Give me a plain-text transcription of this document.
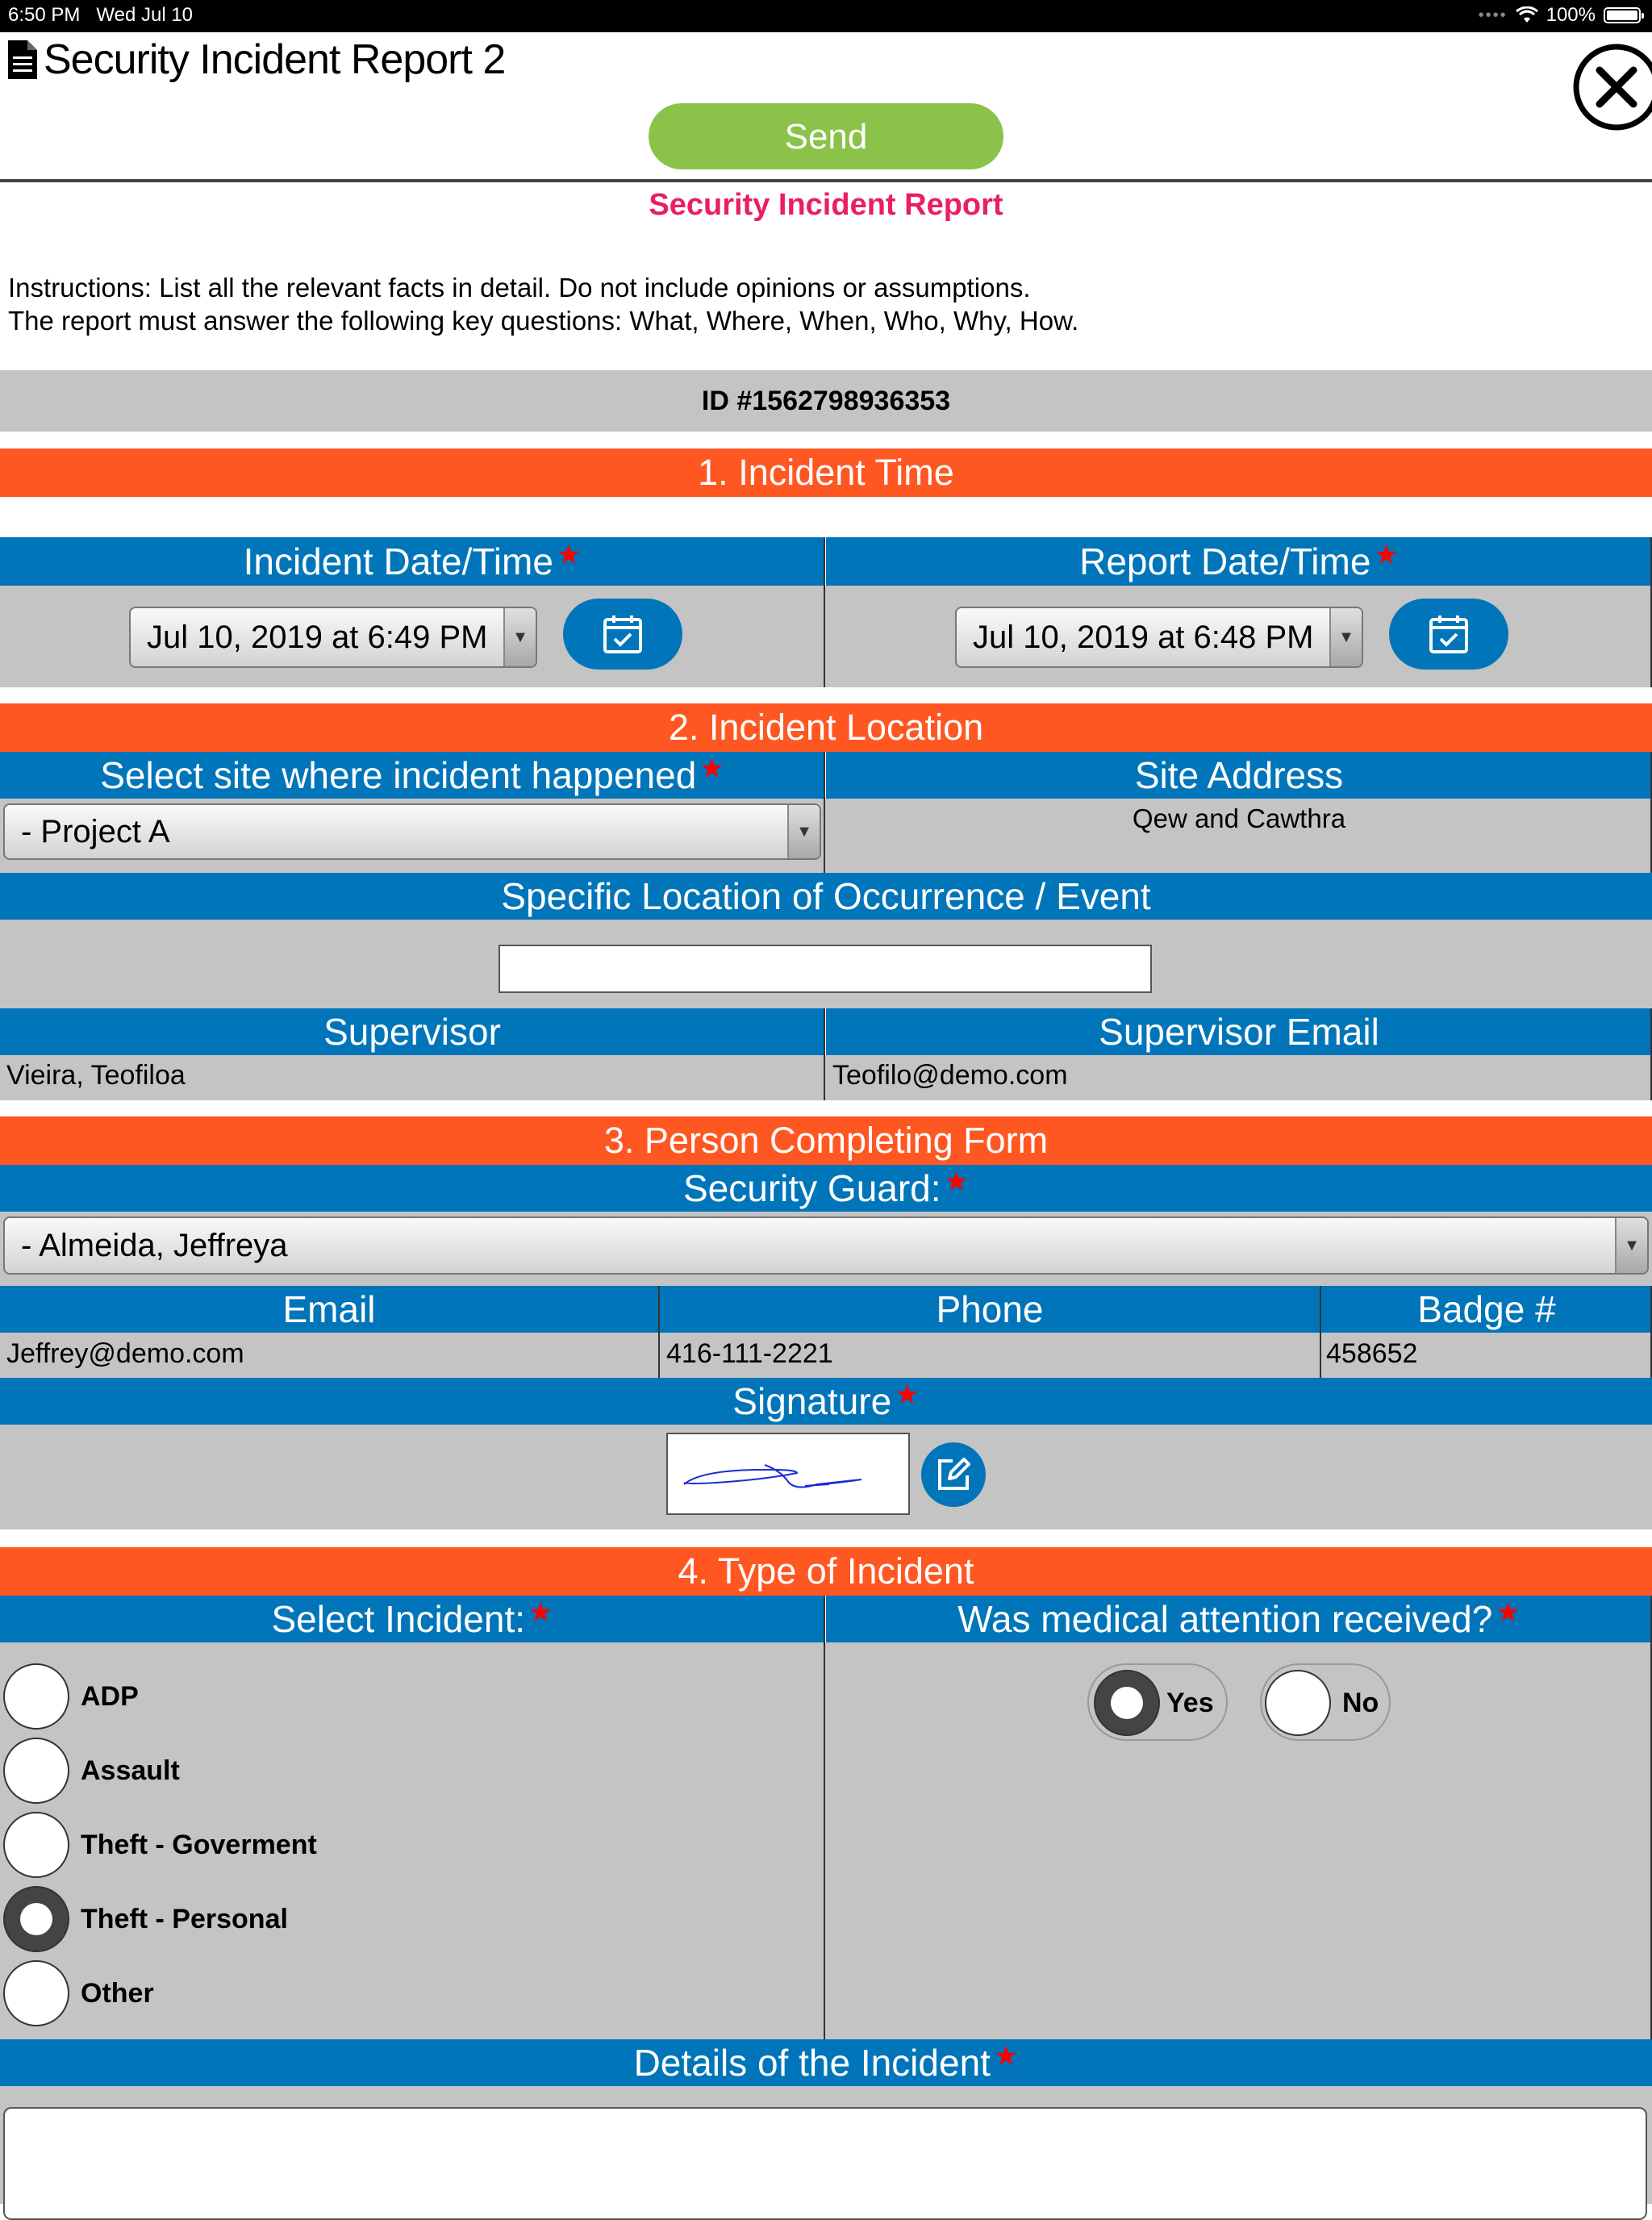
6:50 PM Wed Jul 10	•••• 100%
Security Incident Report 2
Send
Security Incident Report
Instructions: List all the relevant facts in detail. Do not include opinions or assumptions.
The report must answer the following key questions: What, Where, When, Who, Why, How.
ID #1562798936353
1. Incident Time
Incident Date/Time ★	Report Date/Time ★
Jul 10, 2019 at 6:49 PM	▼	Jul 10, 2019 at 6:48 PM	▼
2. Incident Location
Select site where incident happened ★	Site Address
- Project A	▼	Qew and Cawthra
Specific Location of Occurrence / Event
Supervisor	Supervisor Email
Vieira, Teofiloa	Teofilo@demo.com
3. Person Completing Form
Security Guard: ★
- Almeida, Jeffreya	▼
Email	Phone	Badge #
Jeffrey@demo.com	416-111-2221	458652
Signature ★
4. Type of Incident
Select Incident: ★	Was medical attention received? ★
ADP
Assault
Theft - Goverment
Theft - Personal
Other
Yes	No
Details of the Incident ★
